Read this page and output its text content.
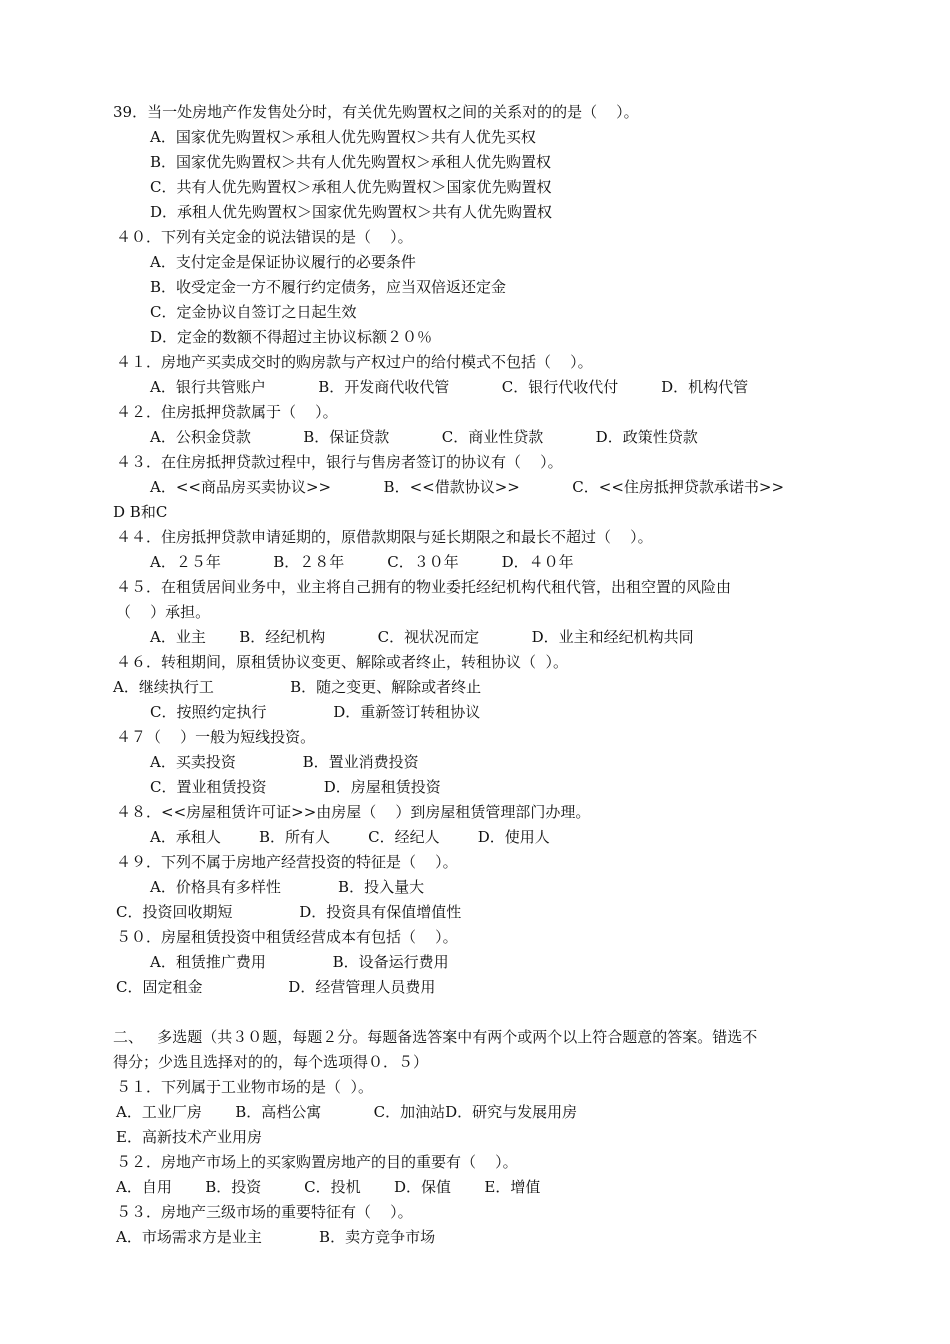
39．当一处房地产作发售处分时，有关优先购置权之间的关系对的的是（    ）。
A．国家优先购置权＞承租人优先购置权＞共有人优先买权
B．国家优先购置权＞共有人优先购置权＞承租人优先购置权
C．共有人优先购置权＞承租人优先购置权＞国家优先购置权
D．承租人优先购置权＞国家优先购置权＞共有人优先购置权
４０．下列有关定金的说法错误的是（    ）。
A．支付定金是保证协议履行的必要条件
B．收受定金一方不履行约定债务，应当双倍返还定金
C．定金协议自签订之日起生效
D．定金的数额不得超过主协议标额２０％
４１．房地产买卖成交时的购房款与产权过户的给付模式不包括（    ）。
A．银行共管账户           B．开发商代收代管           C．银行代收代付         D．机构代管
４２．住房抵押贷款属于（    ）。
A．公积金贷款           B．保证贷款           C．商业性贷款           D．政策性贷款
４３．在住房抵押贷款过程中，银行与售房者签订的协议有（    ）。
A．<<商品房买卖协议>>           B．<<借款协议>>           C．<<住房抵押贷款承诺书>>
D B和C
４４．住房抵押贷款申请延期的，原借款期限与延长期限之和最长不超过（    ）。
A．２５年           B．２８年         C．３０年         D．４０年
４５．在租赁居间业务中，业主将自己拥有的物业委托经纪机构代租代管，出租空置的风险由
（    ）承担。
A．业主       B．经纪机构           C．视状况而定           D．业主和经纪机构共同
４６．转租期间，原租赁协议变更、解除或者终止，转租协议（  ）。
A．继续执行工                B．随之变更、解除或者终止
C．按照约定执行              D．重新签订转租协议
４７（    ）一般为短线投资。
A．买卖投资              B．置业消费投资
C．置业租赁投资            D．房屋租赁投资
４８．<<房屋租赁许可证>>由房屋（    ）到房屋租赁管理部门办理。
A．承租人        B．所有人        C．经纪人        D．使用人
４９．下列不属于房地产经营投资的特征是（    ）。
A．价格具有多样性            B．投入量大
C．投资回收期短              D．投资具有保值增值性
５０．房屋租赁投资中租赁经营成本有包括（    ）。
A．租赁推广费用              B．设备运行费用
C．固定租金                  D．经营管理人员费用
二、   多选题（共３０题，每题２分。每题备选答案中有两个或两个以上符合题意的答案。错选不
得分；少选且选择对的的，每个选项得０．５）
５１．下列属于工业物市场的是（  ）。
A．工业厂房       B．高档公寓           C．加油站D．研究与发展用房
E．高新技术产业用房
５２．房地产市场上的买家购置房地产的目的重要有（    ）。
A．自用       B．投资         C．投机       D．保值       E．增值
５３．房地产三级市场的重要特征有（    ）。
A．市场需求方是业主            B．卖方竞争市场
